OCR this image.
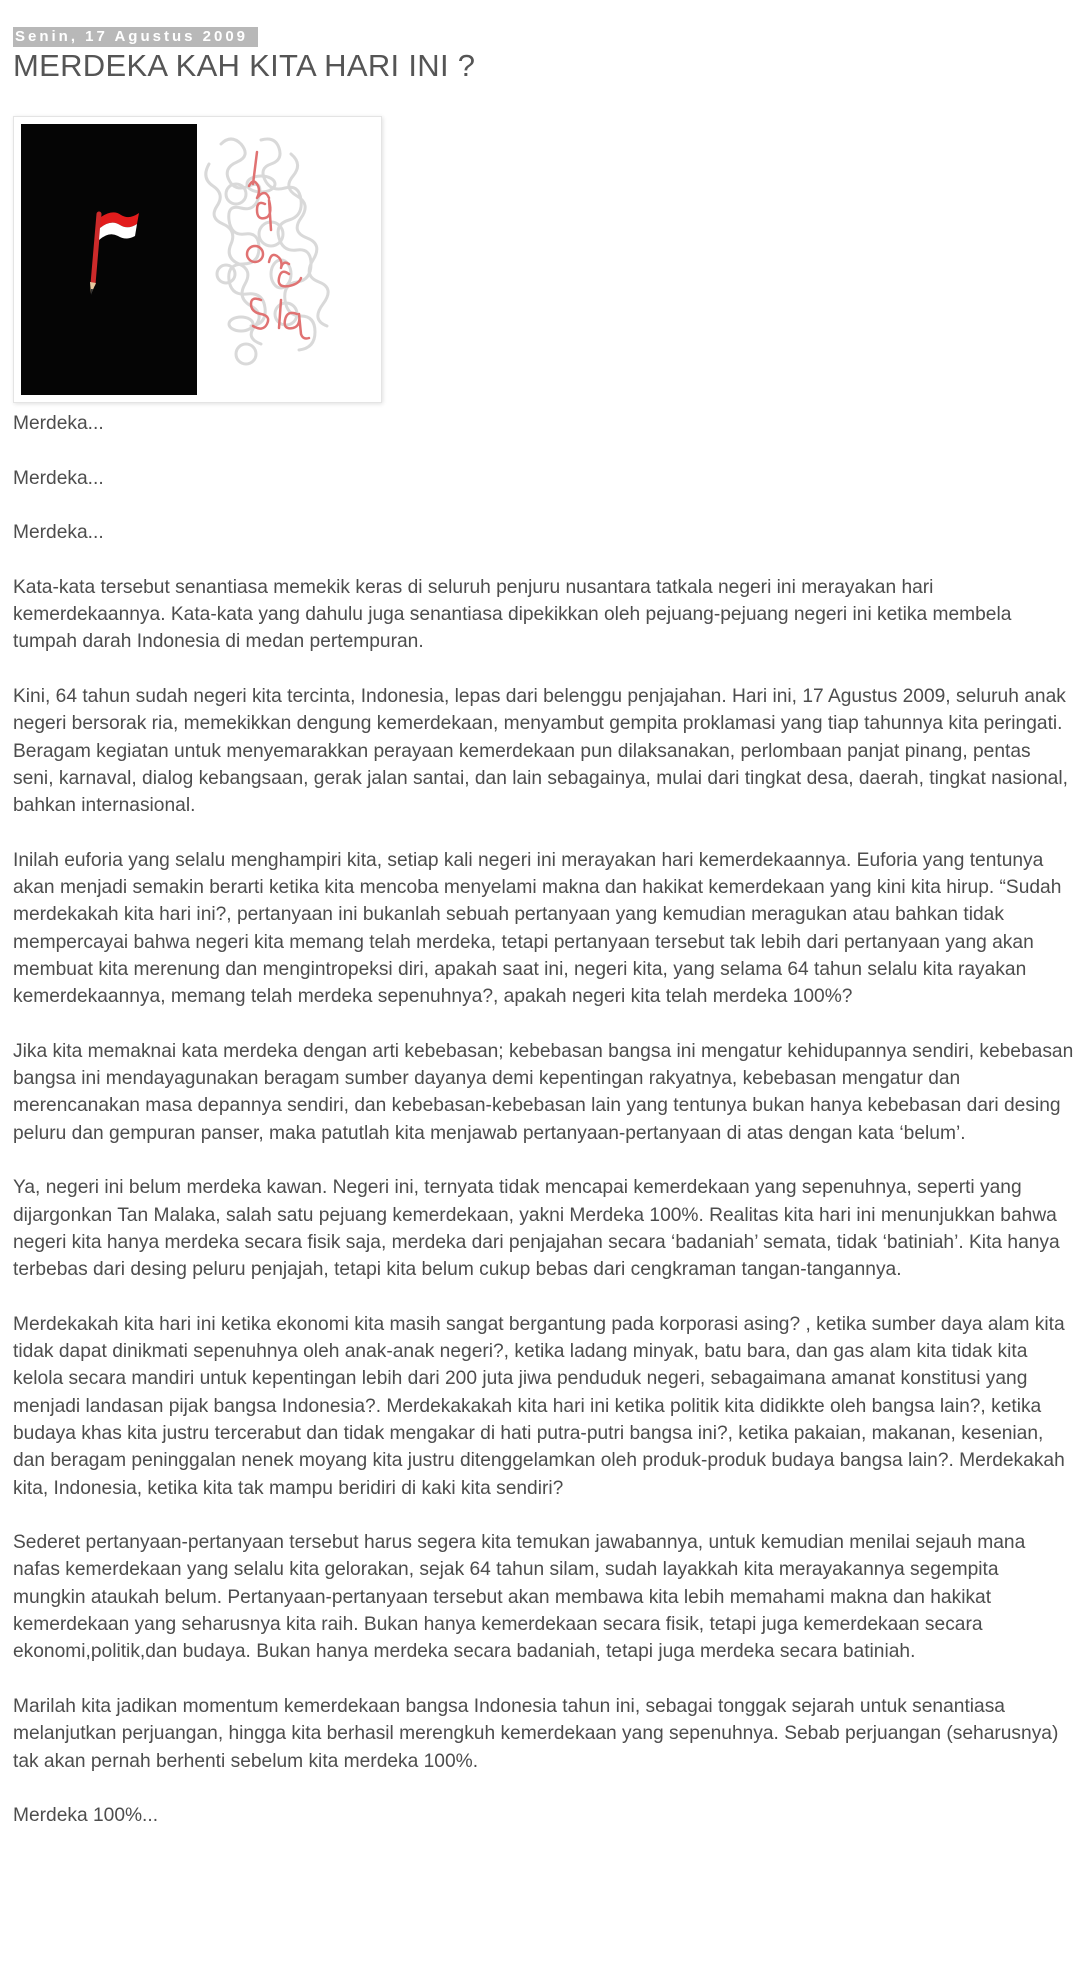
Senin, 17 Agustus 2009
MERDEKA KAH KITA HARI INI ?

Merdeka...

Merdeka...

Merdeka...

Kata-kata tersebut senantiasa memekik keras di seluruh penjuru nusantara tatkala negeri ini merayakan hari kemerdekaannya. Kata-kata yang dahulu juga senantiasa dipekikkan oleh pejuang-pejuang negeri ini ketika membela tumpah darah Indonesia di medan pertempuran.

Kini, 64 tahun sudah negeri kita tercinta, Indonesia, lepas dari belenggu penjajahan. Hari ini, 17 Agustus 2009, seluruh anak negeri bersorak ria, memekikkan dengung kemerdekaan, menyambut gempita proklamasi yang tiap tahunnya kita peringati. Beragam kegiatan untuk menyemarakkan perayaan kemerdekaan pun dilaksanakan, perlombaan panjat pinang, pentas seni, karnaval, dialog kebangsaan, gerak jalan santai, dan lain sebagainya, mulai dari tingkat desa, daerah, tingkat nasional, bahkan internasional.

Inilah euforia yang selalu menghampiri kita, setiap kali negeri ini merayakan hari kemerdekaannya. Euforia yang tentunya akan menjadi semakin berarti ketika kita mencoba menyelami makna dan hakikat kemerdekaan yang kini kita hirup. “Sudah merdekakah kita hari ini?, pertanyaan ini bukanlah sebuah pertanyaan yang kemudian meragukan atau bahkan tidak mempercayai bahwa negeri kita memang telah merdeka, tetapi pertanyaan tersebut tak lebih dari pertanyaan yang akan membuat kita merenung dan mengintropeksi diri, apakah saat ini, negeri kita, yang selama 64 tahun selalu kita rayakan kemerdekaannya, memang telah merdeka sepenuhnya?, apakah negeri kita telah merdeka 100%?

Jika kita memaknai kata merdeka dengan arti kebebasan; kebebasan bangsa ini mengatur kehidupannya sendiri, kebebasan bangsa ini mendayagunakan beragam sumber dayanya demi kepentingan rakyatnya, kebebasan mengatur dan merencanakan masa depannya sendiri, dan kebebasan-kebebasan lain yang tentunya bukan hanya kebebasan dari desing peluru dan gempuran panser, maka patutlah kita menjawab pertanyaan-pertanyaan di atas dengan kata ‘belum’.

Ya, negeri ini belum merdeka kawan. Negeri ini, ternyata tidak mencapai kemerdekaan yang sepenuhnya, seperti yang dijargonkan Tan Malaka, salah satu pejuang kemerdekaan, yakni Merdeka 100%. Realitas kita hari ini menunjukkan bahwa negeri kita hanya merdeka secara fisik saja, merdeka dari penjajahan secara ‘badaniah’ semata, tidak ‘batiniah’. Kita hanya terbebas dari desing peluru penjajah, tetapi kita belum cukup bebas dari cengkraman tangan-tangannya.

Merdekakah kita hari ini ketika ekonomi kita masih sangat bergantung pada korporasi asing? , ketika sumber daya alam kita tidak dapat dinikmati sepenuhnya oleh anak-anak negeri?, ketika ladang minyak, batu bara, dan gas alam kita tidak kita kelola secara mandiri untuk kepentingan lebih dari 200 juta jiwa penduduk negeri, sebagaimana amanat konstitusi yang menjadi landasan pijak bangsa Indonesia?. Merdekakakah kita hari ini ketika politik kita didikkte oleh bangsa lain?, ketika budaya khas kita justru tercerabut dan tidak mengakar di hati putra-putri bangsa ini?, ketika pakaian, makanan, kesenian, dan beragam peninggalan nenek moyang kita justru ditenggelamkan oleh produk-produk budaya bangsa lain?. Merdekakah kita, Indonesia, ketika kita tak mampu beridiri di kaki kita sendiri?

Sederet pertanyaan-pertanyaan tersebut harus segera kita temukan jawabannya, untuk kemudian menilai sejauh mana nafas kemerdekaan yang selalu kita gelorakan, sejak 64 tahun silam, sudah layakkah kita merayakannya segempita mungkin ataukah belum. Pertanyaan-pertanyaan tersebut akan membawa kita lebih memahami makna dan hakikat kemerdekaan yang seharusnya kita raih. Bukan hanya kemerdekaan secara fisik, tetapi juga kemerdekaan secara ekonomi,politik,dan budaya. Bukan hanya merdeka secara badaniah, tetapi juga merdeka secara batiniah.

Marilah kita jadikan momentum kemerdekaan bangsa Indonesia tahun ini, sebagai tonggak sejarah untuk senantiasa melanjutkan perjuangan, hingga kita berhasil merengkuh kemerdekaan yang sepenuhnya. Sebab perjuangan (seharusnya) tak akan pernah berhenti sebelum kita merdeka 100%.

Merdeka 100%...
